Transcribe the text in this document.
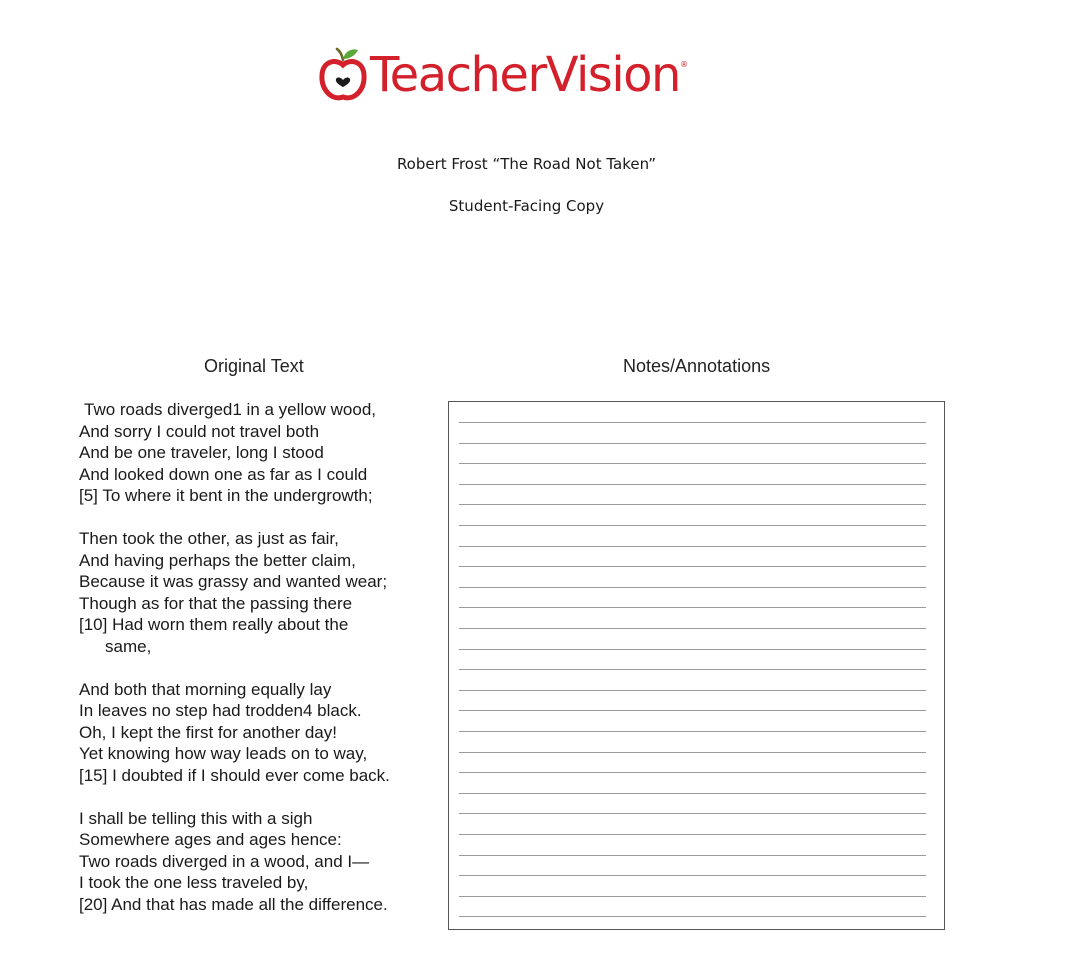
TeacherVision ®
Robert Frost “The Road Not Taken”
Student-Facing Copy
Original Text	Notes/Annotations
Two roads diverged1 in a yellow wood,
And sorry I could not travel both
And be one traveler, long I stood
And looked down one as far as I could
[5] To where it bent in the undergrowth;
Then took the other, as just as fair,
And having perhaps the better claim,
Because it was grassy and wanted wear;
Though as for that the passing there
[10] Had worn them really about the
same,
And both that morning equally lay
In leaves no step had trodden4 black.
Oh, I kept the first for another day!
Yet knowing how way leads on to way,
[15] I doubted if I should ever come back.
I shall be telling this with a sigh
Somewhere ages and ages hence:
Two roads diverged in a wood, and I—
I took the one less traveled by,
[20] And that has made all the difference.
